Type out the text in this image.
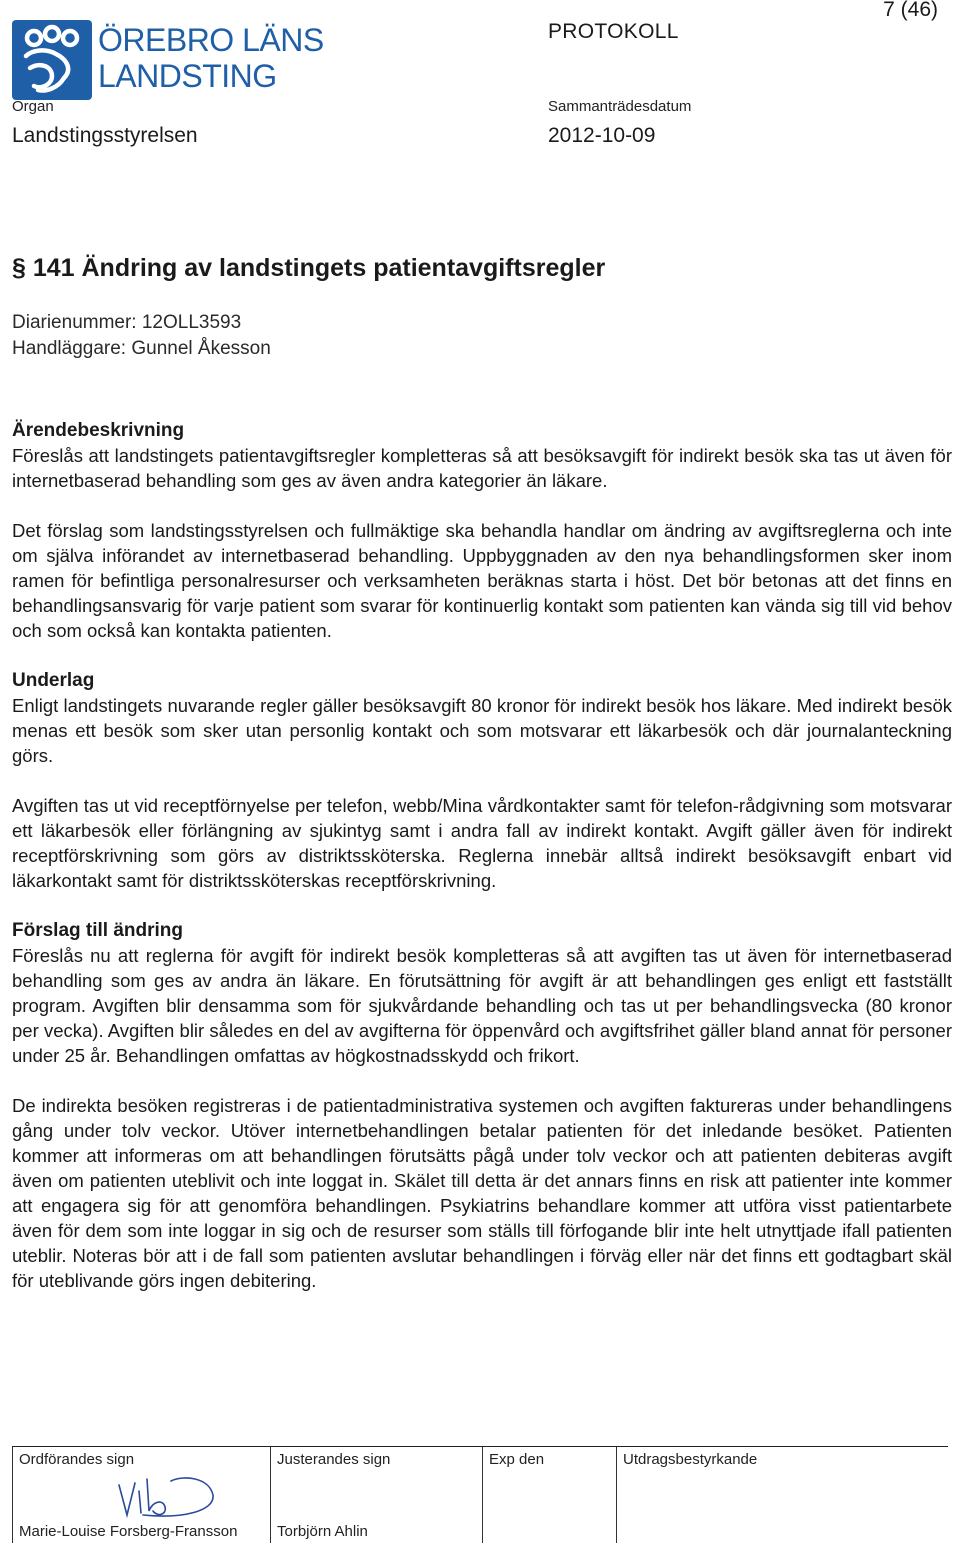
ÖREBRO LÄNS
LANDSTING
PROTOKOLL
7 (46)
Organ
Landstingsstyrelsen
Sammanträdesdatum
2012-10-09
§ 141 Ändring av landstingets patientavgiftsregler
Diarienummer: 12OLL3593
Handläggare: Gunnel Åkesson
Ärendebeskrivning

Föreslås att landstingets patientavgiftsregler kompletteras så att besöksavgift för indirekt besök ska tas ut även för internetbaserad behandling som ges av även andra kategorier än läkare.

Det förslag som landstingsstyrelsen och fullmäktige ska behandla handlar om ändring av avgiftsreglerna och inte om själva införandet av internetbaserad behandling. Uppbyggnaden av den nya behandlingsformen sker inom ramen för befintliga personalresurser och verksamheten beräknas starta i höst. Det bör betonas att det finns en behandlingsansvarig för varje patient som svarar för kontinuerlig kontakt som patienten kan vända sig till vid behov och som också kan kontakta patienten.

Underlag

Enligt landstingets nuvarande regler gäller besöksavgift 80 kronor för indirekt besök hos läkare. Med indirekt besök menas ett besök som sker utan personlig kontakt och som motsvarar ett läkarbesök och där journalanteckning görs.

Avgiften tas ut vid receptförnyelse per telefon, webb/Mina vårdkontakter samt för telefon-rådgivning som motsvarar ett läkarbesök eller förlängning av sjukintyg samt i andra fall av indirekt kontakt. Avgift gäller även för indirekt receptförskrivning som görs av distriktssköterska. Reglerna innebär alltså indirekt besöksavgift enbart vid läkarkontakt samt för distriktssköterskas receptförskrivning.

Förslag till ändring

Föreslås nu att reglerna för avgift för indirekt besök kompletteras så att avgiften tas ut även för internetbaserad behandling som ges av andra än läkare. En förutsättning för avgift är att behandlingen ges enligt ett fastställt program. Avgiften blir densamma som för sjukvårdande behandling och tas ut per behandlingsvecka (80 kronor per vecka). Avgiften blir således en del av avgifterna för öppenvård och avgiftsfrihet gäller bland annat för personer under 25 år. Behandlingen omfattas av högkostnadsskydd och frikort.

De indirekta besöken registreras i de patientadministrativa systemen och avgiften faktureras under behandlingens gång under tolv veckor. Utöver internetbehandlingen betalar patienten för det inledande besöket. Patienten kommer att informeras om att behandlingen förutsätts pågå under tolv veckor och att patienten debiteras avgift även om patienten uteblivit och inte loggat in. Skälet till detta är det annars finns en risk att patienter inte kommer att engagera sig för att genomföra behandlingen. Psykiatrins behandlare kommer att utföra visst patientarbete även för dem som inte loggar in sig och de resurser som ställs till förfogande blir inte helt utnyttjade ifall patienten uteblir. Noteras bör att i de fall som patienten avslutar behandlingen i förväg eller när det finns ett godtagbart skäl för uteblivande görs ingen debitering.

Ordförandes sign
Marie-Louise Forsberg-Fransson
Justerandes sign
Torbjörn Ahlin
Exp den	Utdragsbestyrkande
